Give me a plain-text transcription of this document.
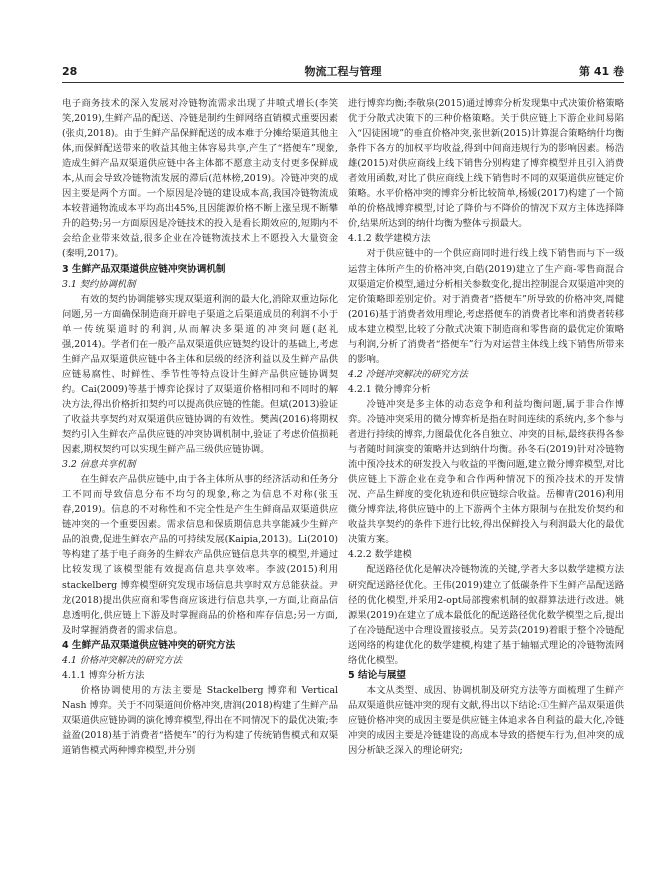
28	物流工程与管理	第 41 卷

电子商务技术的深入发展对冷链物流需求出现了井喷式增长(李笑笑,2019),生鲜产品的配送、冷链是制约生鲜网络直销模式重要因素(张贞,2018)。由于生鲜产品保鲜配送的成本难于分摊给渠道其他主体,而保鲜配送带来的收益其他主体容易共享,产生了“搭便车”现象,造成生鲜产品双渠道供应链中各主体都不愿意主动支付更多保鲜成本,从而会导致冷链物流发展的滞后(范林榜,2019)。冷链冲突的成因主要是两个方面。一个原因是冷链的建设成本高,我国冷链物流成本较普通物流成本平均高出45%,且因能源价格不断上涨呈现不断攀升的趋势;另一方面原因是冷链技术的投入是看长期效应的,短期内不会给企业带来效益,很多企业在冷链物流技术上不愿投入大量资金(秦明,2017)。

3 生鲜产品双渠道供应链冲突协调机制
3.1 契约协调机制

有效的契约协调能够实现双渠道利润的最大化,消除双重边际化问题,另一方面确保制造商开辟电子渠道之后渠道成员的利润不小于单一传统渠道时的利润,从而解决多渠道的冲突问题(赵礼强,2014)。学者们在一般产品双渠道供应链契约设计的基础上,考虑生鲜产品双渠道供应链中各主体和层级的经济利益以及生鲜产品供应链易腐性、时鲜性、季节性等特点设计生鲜产品供应链协调契约。Cai(2009)等基于博弈论探讨了双渠道价格相同和不同时的解决方法,得出价格折扣契约可以提高供应链的性能。但斌(2013)验证了收益共享契约对双渠道供应链协调的有效性。樊茜(2016)将期权契约引入生鲜农产品供应链的冲突协调机制中,验证了考虑价值损耗因素,期权契约可以实现生鲜产品三级供应链协调。

3.2 信息共享机制

在生鲜农产品供应链中,由于各主体所从事的经济活动和任务分工不同而导致信息分布不均匀的现象,称之为信息不对称(张玉春,2019)。信息的不对称性和不完全性是产生生鲜商品双渠道供应链冲突的一个重要因素。需求信息和保质期信息共享能减少生鲜产品的浪费,促进生鲜农产品的可持续发展(Kaipia,2013)。Li(2010)等构建了基于电子商务的生鲜农产品供应链信息共享的模型,并通过比较发现了该模型能有效提高信息共享效率。李波(2015)利用 stackelberg 博弈模型研究发现市场信息共享时双方总能获益。尹龙(2018)提出供应商和零售商应该进行信息共享,一方面,让商品信息透明化,供应链上下游及时掌握商品的价格和库存信息;另一方面,及时掌握消费者的需求信息。

4 生鲜产品双渠道供应链冲突的研究方法
4.1 价格冲突解决的研究方法
4.1.1 博弈分析方法

价格协调使用的方法主要是 Stackelberg 博弈和 Vertical Nash 博弈。关于不同渠道间价格冲突,唐润(2018)构建了生鲜产品双渠道供应链协调的演化博弈模型,得出在不同情况下的最优决策;李益盈(2018)基于消费者“搭便车”的行为构建了传统销售模式和双渠道销售模式两种博弈模型,并分别

进行博弈均衡;李敬泉(2015)通过博弈分析发现集中式决策价格策略优于分散式决策下的三种价格策略。关于供应链上下游企业间易陷入“囚徒困境”的垂直价格冲突,张世新(2015)计算混合策略纳什均衡条件下各方的加权平均收益,得到中间商违规行为的影响因素。杨浩雄(2015)对供应商线上线下销售分别构建了博弈模型并且引入消费者效用函数,对比了供应商线上线下销售时不同的双渠道供应链定价策略。水平价格冲突的博弈分析比较简单,杨媛(2017)构建了一个简单的价格战博弈模型,讨论了降价与不降价的情况下双方主体选择降价,结果所达到的纳什均衡为整体亏损最大。

4.1.2 数学建模方法

对于供应链中的一个供应商同时进行线上线下销售而与下一级运营主体所产生的价格冲突,白皓(2019)建立了生产商-零售商混合双渠道定价模型,通过分析相关参数变化,提出控制混合双渠道冲突的定价策略即差别定价。对于消费者“搭便车”所导致的价格冲突,周健(2016)基于消费者效用理论,考虑搭便车的消费者比率和消费者转移成本建立模型,比较了分散式决策下制造商和零售商的最优定价策略与利润,分析了消费者“搭便车”行为对运营主体线上线下销售所带来的影响。

4.2 冷链冲突解决的研究方法
4.2.1 微分博弈分析

冷链冲突是多主体的动态竞争和利益均衡问题,属于非合作博弈。冷链冲突采用的微分博弈析是指在时间连续的系统内,多个参与者进行持续的博弈,力图最优化各自独立、冲突的目标,最终获得各参与者随时间演变的策略并达到纳什均衡。孙冬石(2019)针对冷链物流中预冷技术的研发投入与收益的平衡问题,建立微分博弈模型,对比供应链上下游企业在竞争和合作两种情况下的预冷技术的开发情况、产品生鲜度的变化轨迹和供应链综合收益。岳柳青(2016)利用微分博弈法,将供应链中的上下游两个主体方限制与在批发价契约和收益共享契约的条件下进行比较,得出保鲜投入与利润最大化的最优决策方案。

4.2.2 数学建模

配送路径优化是解决冷链物流的关键,学者大多以数学建模方法研究配送路径优化。王伟(2019)建立了低碳条件下生鲜产品配送路径的优化模型,并采用2-opt局部搜索机制的蚁群算法进行改进。姚源果(2019)在建立了成本最低化的配送路径优化数学模型之后,提出了在冷链配送中合理设置接驳点。吴芳芸(2019)着眼于整个冷链配送网络的构建优化的数学建模,构建了基于轴辐式理论的冷链物流网络优化模型。

5 结论与展望

本文从类型、成因、协调机制及研究方法等方面梳理了生鲜产品双渠道供应链冲突的现有文献,得出以下结论:①生鲜产品双渠道供应链价格冲突的成因主要是供应链主体追求各自利益的最大化,冷链冲突的成因主要是冷链建设的高成本导致的搭便车行为,但冲突的成因分析缺乏深入的理论研究;
